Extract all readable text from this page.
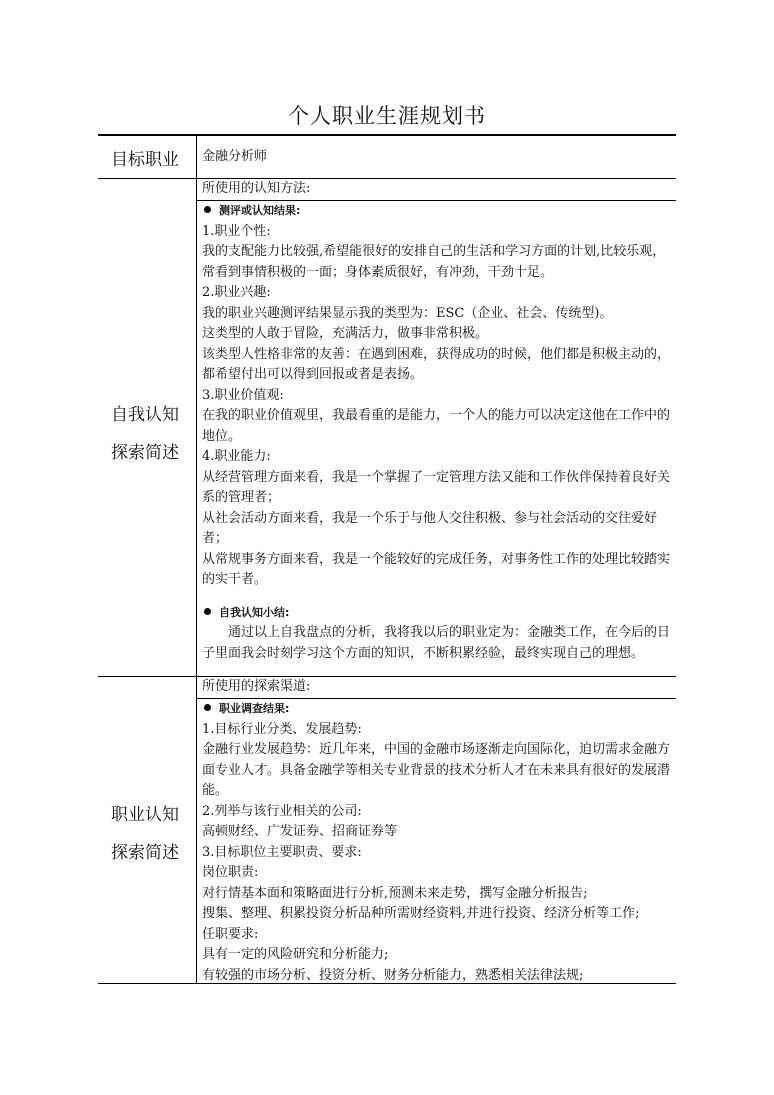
个人职业生涯规划书
目标职业 金融分析师
自我认知
探索简述
所使用的认知方法:
测评或认知结果:
1.职业个性:
我的支配能力比较强,希望能很好的安排自己的生活和学习方面的计划,比较乐观，常看到事情积极的一面；身体素质很好，有冲劲，干劲十足。
2.职业兴趣:
我的职业兴趣测评结果显示我的类型为：ESC（企业、社会、传统型)。
这类型的人敢于冒险，充满活力，做事非常积极。
该类型人性格非常的友善：在遇到困难，获得成功的时候，他们都是积极主动的，都希望付出可以得到回报或者是表扬。
3.职业价值观:
在我的职业价值观里，我最看重的是能力，一个人的能力可以决定这他在工作中的地位。
4.职业能力:
从经营管理方面来看，我是一个掌握了一定管理方法又能和工作伙伴保持着良好关系的管理者；
从社会活动方面来看，我是一个乐于与他人交往积极、参与社会活动的交往爱好者；
从常规事务方面来看，我是一个能较好的完成任务，对事务性工作的处理比较踏实的实干者。
自我认知小结:
通过以上自我盘点的分析，我将我以后的职业定为：金融类工作，在今后的日子里面我会时刻学习这个方面的知识，不断积累经验，最终实现自己的理想。
职业认知
探索简述
所使用的探索渠道:
职业调查结果:
1.目标行业分类、发展趋势:
金融行业发展趋势：近几年来，中国的金融市场逐渐走向国际化，迫切需求金融方面专业人才。具备金融学等相关专业背景的技术分析人才在未来具有很好的发展潜能。
2.列举与该行业相关的公司:
高顿财经、广发证券、招商证券等
3.目标职位主要职责、要求:
岗位职责:
对行情基本面和策略面进行分析,预测未来走势，撰写金融分析报告;
搜集、整理、积累投资分析品种所需财经资料,并进行投资、经济分析等工作;
任职要求:
具有一定的风险研究和分析能力;
有较强的市场分析、投资分析、财务分析能力，熟悉相关法律法规;
